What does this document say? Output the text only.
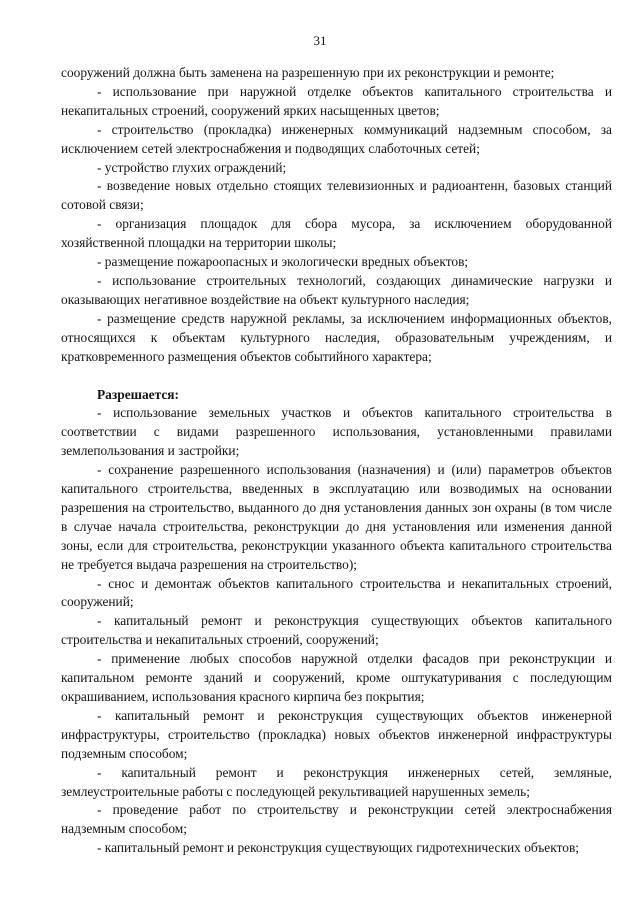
31

сооружений должна быть заменена на разрешенную при их реконструкции и ремонте;

- использование при наружной отделке объектов капитального строительства и некапитальных строений, сооружений ярких насыщенных цветов;

- строительство (прокладка) инженерных коммуникаций надземным способом, за исключением сетей электроснабжения и подводящих слаботочных сетей;

- устройство глухих ограждений;

- возведение новых отдельно стоящих телевизионных и радиоантенн, базовых станций сотовой связи;

- организация площадок для сбора мусора, за исключением оборудованной хозяйственной площадки на территории школы;

- размещение пожароопасных и экологически вредных объектов;

- использование строительных технологий, создающих динамические нагрузки и оказывающих негативное воздействие на объект культурного наследия;

- размещение средств наружной рекламы, за исключением информационных объектов, относящихся к объектам культурного наследия, образовательным учреждениям, и кратковременного размещения объектов событийного характера;

Разрешается:

- использование земельных участков и объектов капитального строительства в соответствии с видами разрешенного использования, установленными правилами землепользования и застройки;

- сохранение разрешенного использования (назначения) и (или) параметров объектов капитального строительства, введенных в эксплуатацию или возводимых на основании разрешения на строительство, выданного до дня установления данных зон охраны (в том числе в случае начала строительства, реконструкции до дня установления или изменения данной зоны, если для строительства, реконструкции указанного объекта капитального строительства не требуется выдача разрешения на строительство);

- снос и демонтаж объектов капитального строительства и некапитальных строений, сооружений;

- капитальный ремонт и реконструкция существующих объектов капитального строительства и некапитальных строений, сооружений;

- применение любых способов наружной отделки фасадов при реконструкции и капитальном ремонте зданий и сооружений, кроме оштукатуривания с последующим окрашиванием, использования красного кирпича без покрытия;

- капитальный ремонт и реконструкция существующих объектов инженерной инфраструктуры, строительство (прокладка) новых объектов инженерной инфраструктуры подземным способом;

- капитальный ремонт и реконструкция инженерных сетей, земляные, землеустроительные работы с последующей рекультивацией нарушенных земель;

- проведение работ по строительству и реконструкции сетей электроснабжения надземным способом;

- капитальный ремонт и реконструкция существующих гидротехнических объектов;
